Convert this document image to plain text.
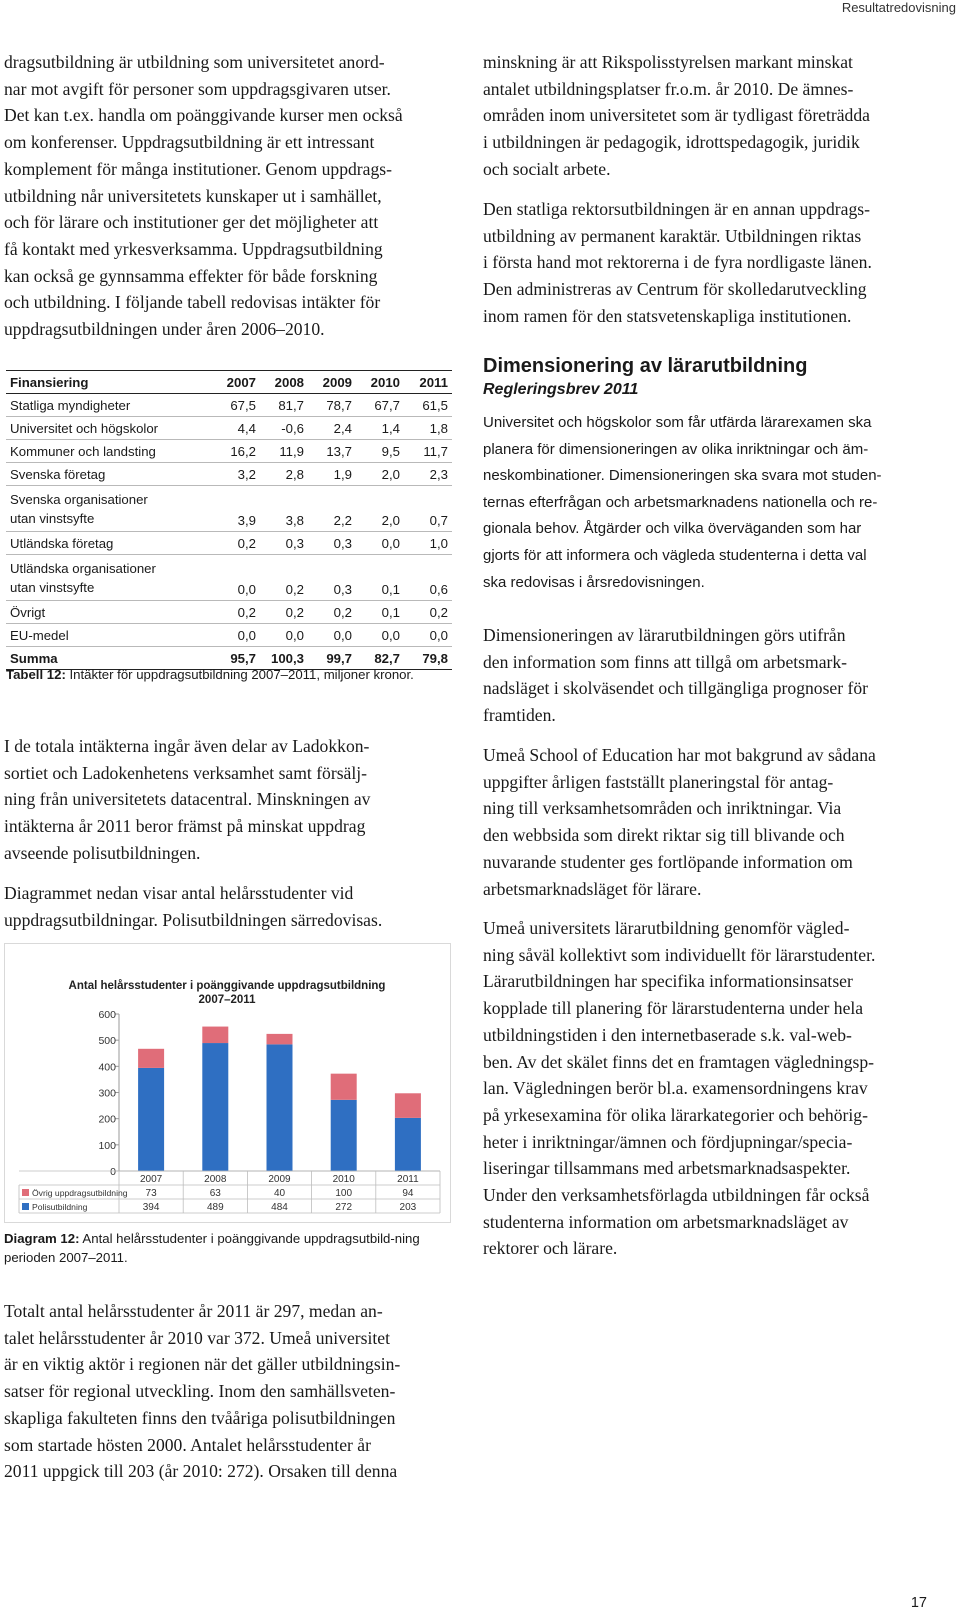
Resultatredovisning

dragsutbildning är utbildning som universitetet anord-
nar mot avgift för personer som uppdragsgivaren utser.
Det kan t.ex. handla om poänggivande kurser men också
om konferenser. Uppdragsutbildning är ett intressant
komplement för många institutioner. Genom uppdrags-
utbildning når universitetets kunskaper ut i samhället,
och för lärare och institutioner ger det möjligheter att
få kontakt med yrkesverksamma. Uppdragsutbildning
kan också ge gynnsamma effekter för både forskning
och utbildning. I följande tabell redovisas intäkter för
uppdragsutbildningen under åren 2006–2010.

Finansiering	2007	2008	2009	2010	2011
Statliga myndigheter	67,5	81,7	78,7	67,7	61,5
Universitet och högskolor	4,4	-0,6	2,4	1,4	1,8
Kommuner och landsting	16,2	11,9	13,7	9,5	11,7
Svenska företag	3,2	2,8	1,9	2,0	2,3
Svenska organisationer
utan vinstsyfte	3,9	3,8	2,2	2,0	0,7
Utländska företag	0,2	0,3	0,3	0,0	1,0
Utländska organisationer
utan vinstsyfte	0,0	0,2	0,3	0,1	0,6
Övrigt	0,2	0,2	0,2	0,1	0,2
EU-medel	0,0	0,0	0,0	0,0	0,0
Summa	95,7	100,3	99,7	82,7	79,8
Tabell 12: Intäkter för uppdragsutbildning 2007–2011, miljoner kronor.

I de totala intäkterna ingår även delar av Ladokkon-
sortiet och Ladokenhetens verksamhet samt försälj-
ning från universitetets datacentral. Minskningen av
intäkterna år 2011 beror främst på minskat uppdrag
avseende polisutbildningen.

Diagrammet nedan visar antal helårsstudenter vid
uppdragsutbildningar. Polisutbildningen särredovisas.

Antal helårsstudenter i poänggivande uppdragsutbildning
2007–2011
600
500
400
300
200
100
0
2007	2008	2009	2010	2011
Övrig uppdragsutbildning 73	63	40	100	94
Polisutbildning	394	489	484	272	203
Diagram 12: Antal helårsstudenter i poänggivande uppdragsutbild-ning perioden 2007–2011.

Totalt antal helårsstudenter år 2011 är 297, medan an-
talet helårsstudenter år 2010 var 372. Umeå universitet
är en viktig aktör i regionen när det gäller utbildningsin-
satser för regional utveckling. Inom den samhällsveten-
skapliga fakulteten finns den tvååriga polisutbildningen
som startade hösten 2000. Antalet helårsstudenter år
2011 uppgick till 203 (år 2010: 272). Orsaken till denna

minskning är att Rikspolisstyrelsen markant minskat
antalet utbildningsplatser fr.o.m. år 2010. De ämnes-
områden inom universitetet som är tydligast företrädda
i utbildningen är pedagogik, idrottspedagogik, juridik
och socialt arbete.

Den statliga rektorsutbildningen är en annan uppdrags-
utbildning av permanent karaktär. Utbildningen riktas
i första hand mot rektorerna i de fyra nordligaste länen.
Den administreras av Centrum för skolledarutveckling
inom ramen för den statsvetenskapliga institutionen.

Dimensionering av lärarutbildning
Regleringsbrev 2011

Universitet och högskolor som får utfärda lärarexamen ska
planera för dimensioneringen av olika inriktningar och äm-
neskombinationer. Dimensioneringen ska svara mot studen-
ternas efterfrågan och arbetsmarknadens nationella och re-
gionala behov. Åtgärder och vilka överväganden som har
gjorts för att informera och vägleda studenterna i detta val
ska redovisas i årsredovisningen.

Dimensioneringen av lärarutbildningen görs utifrån
den information som finns att tillgå om arbetsmark-
nadsläget i skolväsendet och tillgängliga prognoser för
framtiden.

Umeå School of Education har mot bakgrund av sådana
uppgifter årligen fastställt planeringstal för antag-
ning till verksamhetsområden och inriktningar. Via
den webbsida som direkt riktar sig till blivande och
nuvarande studenter ges fortlöpande information om
arbetsmarknadsläget för lärare.

Umeå universitets lärarutbildning genomför vägled-
ning såväl kollektivt som individuellt för lärarstudenter.
Lärarutbildningen har specifika informationsinsatser
kopplade till planering för lärarstudenterna under hela
utbildningstiden i den internetbaserade s.k. val-web-
ben. Av det skälet finns det en framtagen vägledningsp-
lan. Vägledningen berör bl.a. examensordningens krav
på yrkesexamina för olika lärarkategorier och behörig-
heter i inriktningar/ämnen och fördjupningar/specia-
liseringar tillsammans med arbetsmarknadsaspekter.
Under den verksamhetsförlagda utbildningen får också
studenterna information om arbetsmarknadsläget av
rektorer och lärare.

17
